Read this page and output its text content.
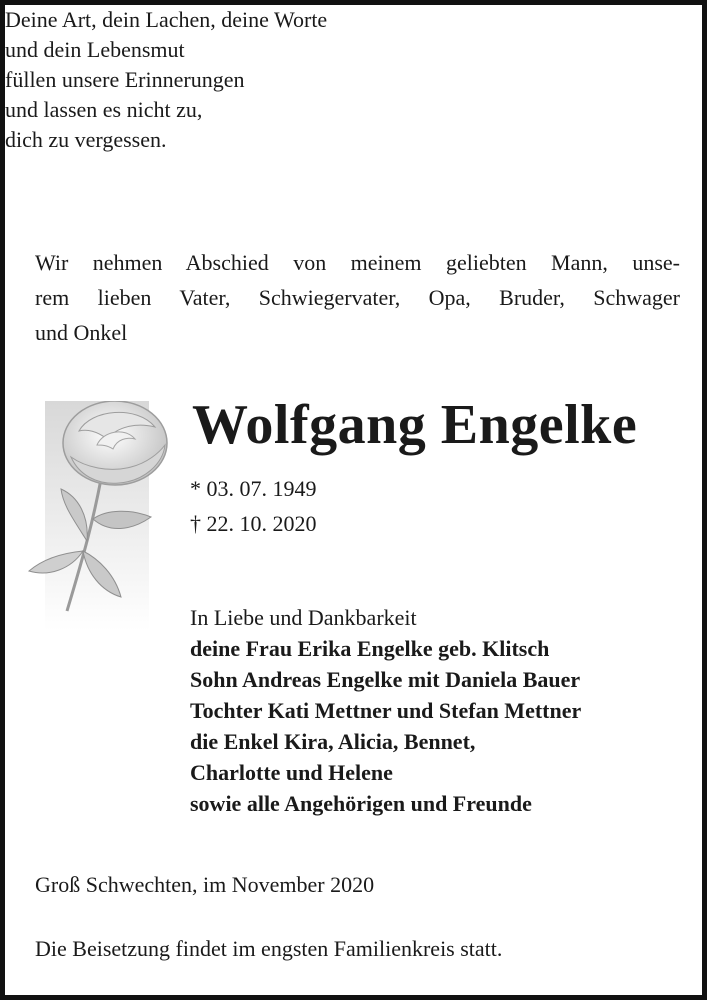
Deine Art, dein Lachen, deine Worte
und dein Lebensmut
füllen unsere Erinnerungen
und lassen es nicht zu,
dich zu vergessen.
Wir nehmen Abschied von meinem geliebten Mann, unse-
rem lieben Vater, Schwiegervater, Opa, Bruder, Schwager
und Onkel
Wolfgang Engelke
* 03. 07. 1949
† 22. 10. 2020
In Liebe und Dankbarkeit
deine Frau Erika Engelke geb. Klitsch
Sohn Andreas Engelke mit Daniela Bauer
Tochter Kati Mettner und Stefan Mettner
die Enkel Kira, Alicia, Bennet,
Charlotte und Helene
sowie alle Angehörigen und Freunde
Groß Schwechten, im November 2020
Die Beisetzung findet im engsten Familienkreis statt.
